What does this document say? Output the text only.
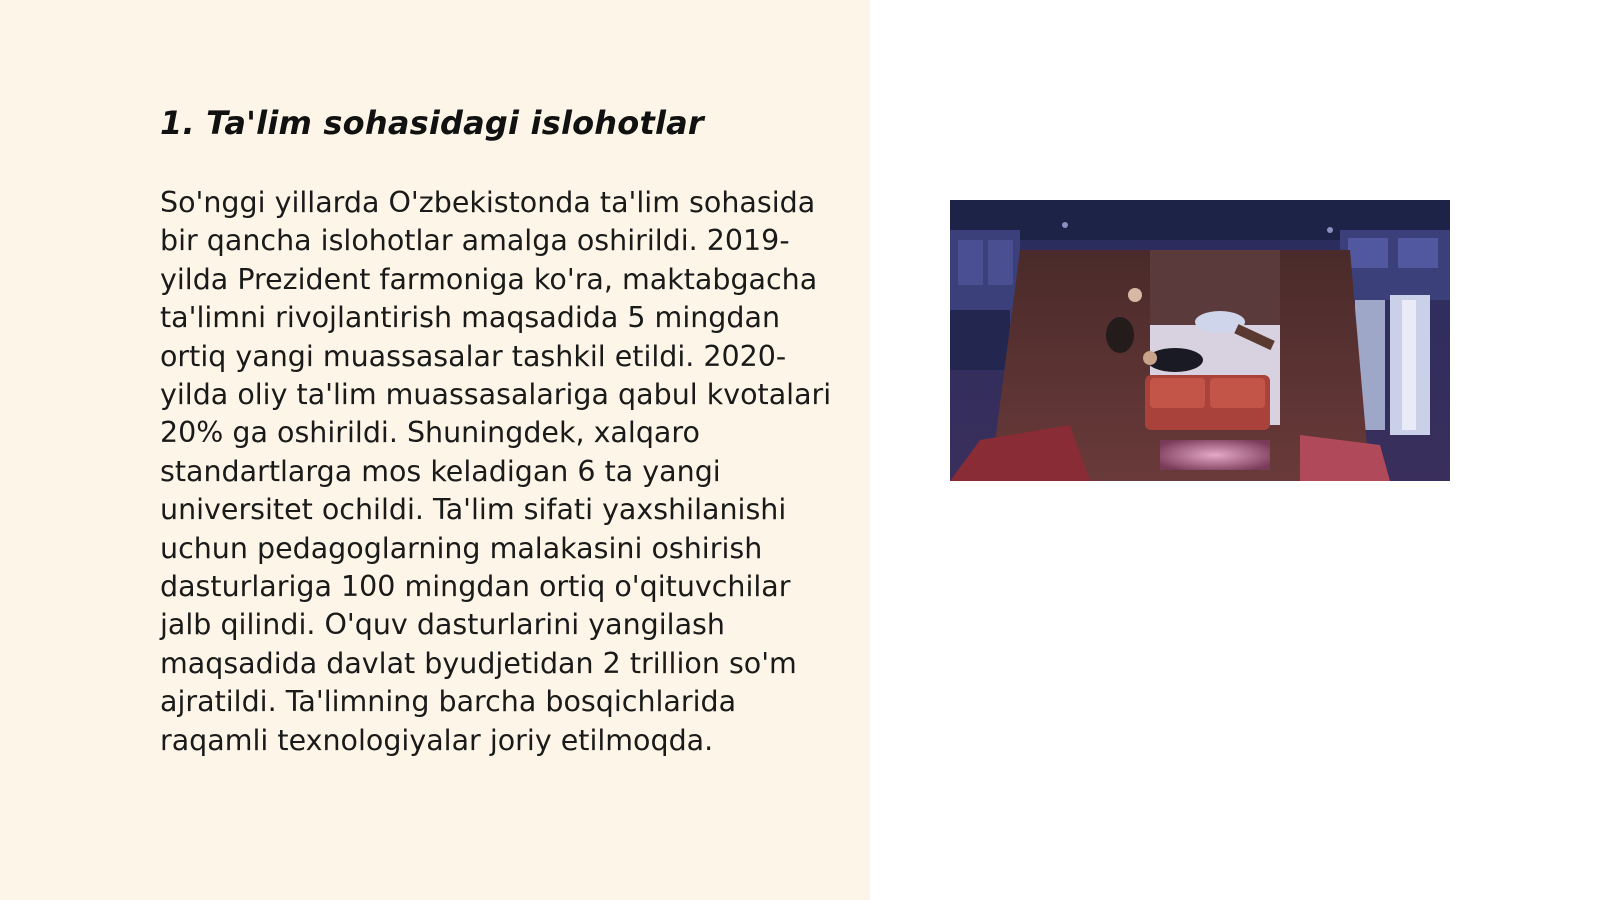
1. Ta'lim sohasidagi islohotlar

So'nggi yillarda O'zbekistonda ta'lim sohasida bir qancha islohotlar amalga oshirildi. 2019-yilda Prezident farmoniga ko'ra, maktabgacha ta'limni rivojlantirish maqsadida 5 mingdan ortiq yangi muassasalar tashkil etildi. 2020-yilda oliy ta'lim muassasalariga qabul kvotalari 20% ga oshirildi. Shuningdek, xalqaro standartlarga mos keladigan 6 ta yangi universitet ochildi. Ta'lim sifati yaxshilanishi uchun pedagoglarning malakasini oshirish dasturlariga 100 mingdan ortiq o'qituvchilar jalb qilindi. O'quv dasturlarini yangilash maqsadida davlat byudjetidan 2 trillion so'm ajratildi. Ta'limning barcha bosqichlarida raqamli texnologiyalar joriy etilmoqda.
